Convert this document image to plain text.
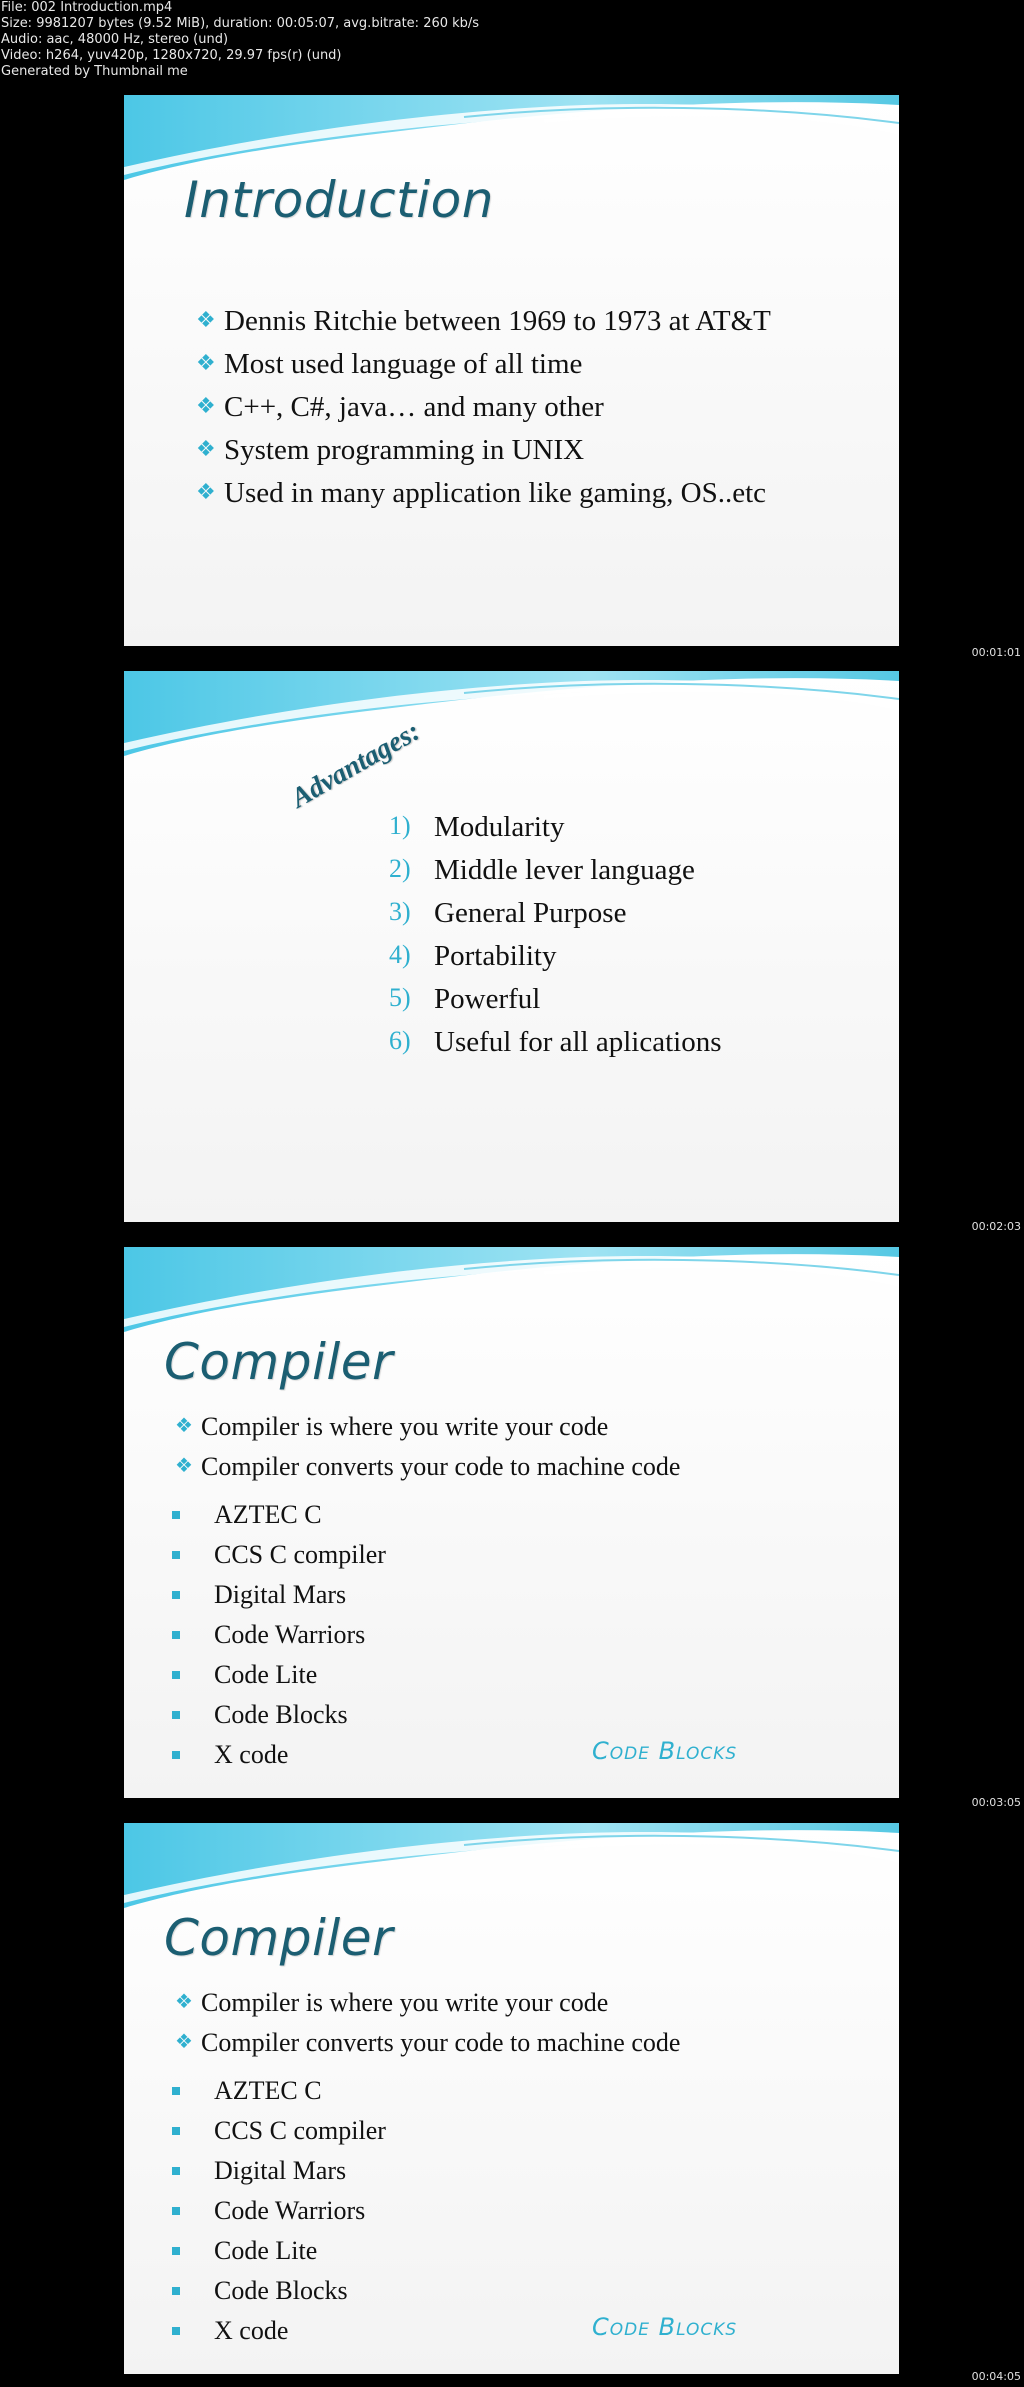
File: 002 Introduction.mp4
Size: 9981207 bytes (9.52 MiB), duration: 00:05:07, avg.bitrate: 260 kb/s
Audio: aac, 48000 Hz, stereo (und)
Video: h264, yuv420p, 1280x720, 29.97 fps(r) (und)
Generated by Thumbnail me
Introduction
❖ Dennis Ritchie between 1969 to 1973 at AT&T
❖ Most used language of all time
❖ C++, C#, java… and many other
❖ System programming in UNIX
❖ Used in many application like gaming, OS..etc
00:01:01
Advantages:
1) Modularity
2) Middle lever language
3) General Purpose
4) Portability
5) Powerful
6) Useful for all aplications
00:02:03
Compiler
❖ Compiler is where you write your code
❖ Compiler converts your code to machine code
AZTEC C
CCS C compiler
Digital Mars
Code Warriors
Code Lite
Code Blocks
X code	Code Blocks
00:03:05
Compiler
❖ Compiler is where you write your code
❖ Compiler converts your code to machine code
AZTEC C
CCS C compiler
Digital Mars
Code Warriors
Code Lite
Code Blocks
X code	Code Blocks
00:04:05
